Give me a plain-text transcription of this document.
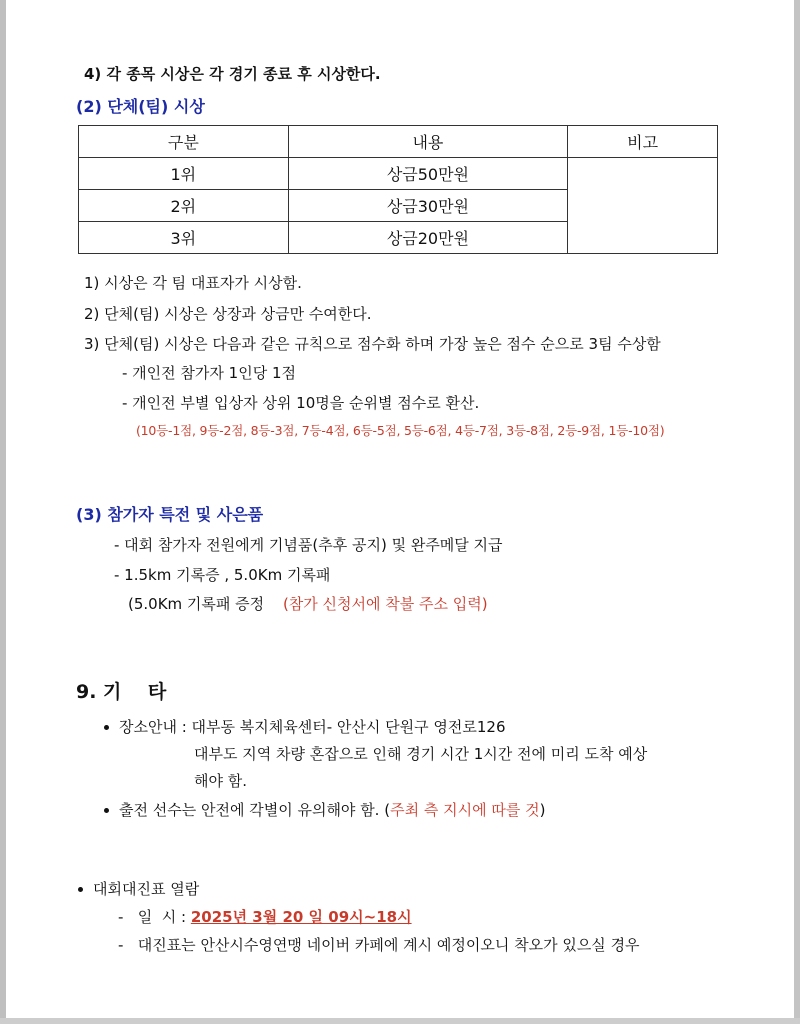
4) 각 종목 시상은 각 경기 종료 후 시상한다.
(2) 단체(팀) 시상
구분	내용	비고
1위	상금50만원	
2위	상금30만원	
3위	상금20만원	
1) 시상은 각 팀 대표자가 시상함.
2) 단체(팀) 시상은 상장과 상금만 수여한다.
3) 단체(팀) 시상은 다음과 같은 규칙으로 점수화 하며 가장 높은 점수 순으로 3팀 수상함
- 개인전 참가자 1인당 1점
- 개인전 부별 입상자 상위 10명을 순위별 점수로 환산.
(10등-1점, 9등-2점, 8등-3점, 7등-4점, 6등-5점, 5등-6점, 4등-7점, 3등-8점, 2등-9점, 1등-10점)
(3) 참가자 특전 및 사은품
- 대회 참가자 전원에게 기념품(추후 공지) 및 완주메달 지급
- 1.5km 기록증 , 5.0Km 기록패
(5.0Km 기록패 증정 (참가 신청서에 착불 주소 입력)
9. 기    타
장소안내 : 대부동 복지체육센터- 안산시 단원구 영전로126
대부도 지역 차량 혼잡으로 인해 경기 시간 1시간 전에 미리 도착 예상
해야 함.
출전 선수는 안전에 각별이 유의해야 함. (주최 측 지시에 따를 것)
대회대진표 열람
-   일  시 : 2025년 3월 20 일 09시~18시
-   대진표는 안산시수영연맹 네이버 카페에 계시 예정이오니 착오가 있으실 경우
